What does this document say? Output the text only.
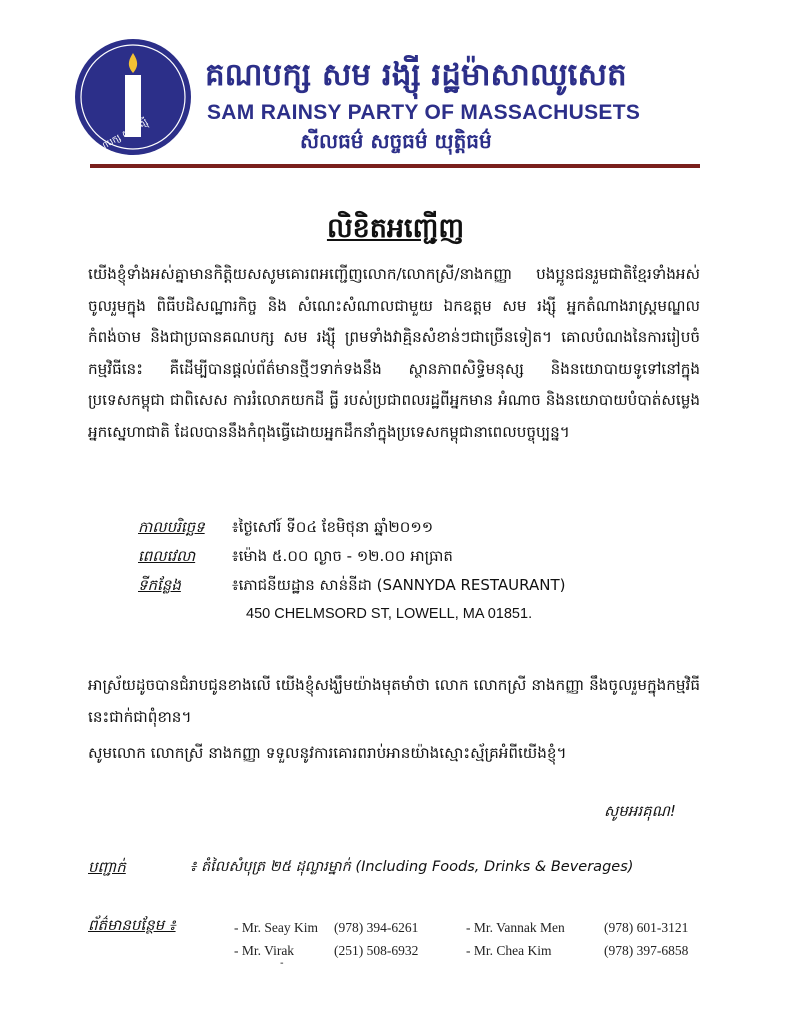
គណបក្ស សម រង្ស៊ី
គណបក្ស សម រង្ស៊ី រដ្ឋម៉ាសាឈូសេត
SAM RAINSY PARTY OF MASSACHUSETS
សីលធម៌ សច្ចធម៌ យុត្តិធម៌
លិខិតអញ្ជើញ
យើងខ្ញុំទាំងអស់គ្នាមានកិត្តិយសសូមគោរពអញ្ជើញលោក/លោកស្រី/នាងកញ្ញា បងប្អូនជនរួមជាតិខ្មែរទាំងអស់ចូលរួមក្នុង ពិធីបដិសណ្ឋារកិច្ច និង សំណេះសំណាលជាមួយ ឯកឧត្តម សម រង្ស៊ី អ្នកតំណាងរាស្ត្រមណ្ឌលកំពង់ចាម និងជាប្រធានគណបក្ស សម រង្ស៊ី ព្រមទាំងវាគ្មិនសំខាន់ៗជាច្រើនទៀត។ គោលបំណងនៃការរៀបចំកម្មវិធីនេះ គឺដើម្បីបានផ្តល់ព័ត៌មានថ្មីៗទាក់ទងនឹង ស្ថានភាពសិទ្ធិមនុស្ស និងនយោបាយទូទៅនៅក្នុងប្រទេសកម្ពុជា ជាពិសេស ការរំលោភយកដី ធ្លី របស់ប្រជាពលរដ្ឋពីអ្នកមាន អំណាច និងនយោបាយបំបាត់សម្លេងអ្នកស្នេហាជាតិ ដែលបាននឹងកំពុងធ្វើដោយអ្នកដឹកនាំក្នុងប្រទេសកម្ពុជានាពេលបច្ចុប្បន្ន។
កាលបរិច្ឆេទ ៖ថ្ងៃសៅរ៍ ទី០៤ ខែមិថុនា ឆ្នាំ២០១១
ពេលវេលា ៖ម៉ោង ៥.០០ ល្ងាច - ១២.០០ អាធ្រាត
ទីកន្លែង	៖ភោជនីយដ្ឋាន សាន់នីដា (SANNYDA RESTAURANT)
450 CHELMSORD ST, LOWELL, MA 01851.
អាស្រ័យដូចបានជំរាបជូនខាងលើ យើងខ្ញុំសង្ឃឹមយ៉ាងមុតមាំថា លោក លោកស្រី នាងកញ្ញា នឹងចូលរួមក្នុងកម្មវិធីនេះជាក់ជាពុំខាន។
សូមលោក លោកស្រី នាងកញ្ញា ទទួលនូវការគោរពរាប់អានយ៉ាងស្មោះស្ម័គ្រអំពីយើងខ្ញុំ។
សូមអរគុណ!
បញ្ជាក់	៖ តំលៃសំបុត្រ ២៥ ដុល្លារម្នាក់ (Including Foods, Drinks & Beverages)
ព័ត៌មានបន្ថែម ៖	- Mr. Seay Kim (978) 394-6261	- Mr. Vannak Men	(978) 601-3121
- Mr. Virak	(251) 508-6932	- Mr. Chea Kim	(978) 397-6858
-
